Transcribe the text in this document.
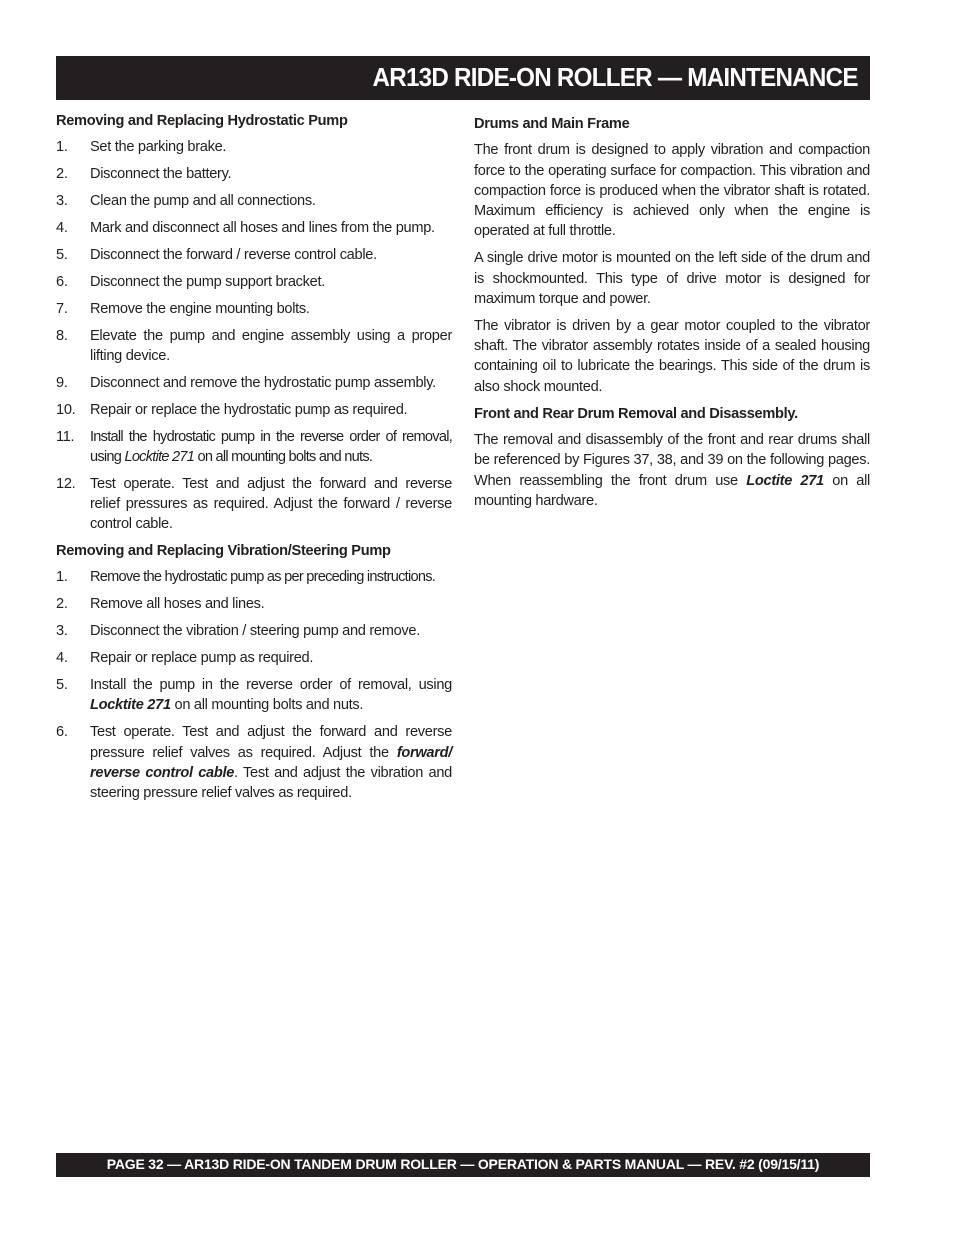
AR13D RIDE-ON ROLLER — MAINTENANCE
Removing and Replacing Hydrostatic Pump
1.	Set the parking brake.
2.	Disconnect the battery.
3.	Clean the pump and all connections.
4.	Mark and disconnect all hoses and lines from the pump.
5.	Disconnect the forward / reverse control cable.
6.	Disconnect the pump support bracket.
7.	Remove the engine mounting bolts.
8.	Elevate the pump and engine assembly using a proper lifting device.
9.	Disconnect and remove the hydrostatic pump assembly.
10.	Repair or replace the hydrostatic pump as required.
11.	Install the hydrostatic pump in the reverse order of removal, using Locktite 271 on all mounting bolts and nuts.
12.	Test operate. Test and adjust the forward and reverse relief pressures as required. Adjust the forward / reverse control cable.
Removing and Replacing Vibration/Steering Pump
1.	Remove the hydrostatic pump as per preceding instructions.
2.	Remove all hoses and lines.
3.	Disconnect the vibration / steering pump and remove.
4.	Repair or replace pump as required.
5.	Install the pump in the reverse order of removal, using Locktite 271 on all mounting bolts and nuts.
6.	Test operate. Test and adjust the forward and reverse pressure relief valves as required. Adjust the forward/ reverse control cable. Test and adjust the vibration and steering pressure relief valves as required.
Drums and Main Frame

The front drum is designed to apply vibration and compaction force to the operating surface for compaction. This vibration and compaction force is produced when the vibrator shaft is rotated. Maximum efficiency is achieved only when the engine is operated at full throttle.

A single drive motor is mounted on the left side of the drum and is shockmounted. This type of drive motor is designed for maximum torque and power.

The vibrator is driven by a gear motor coupled to the vibrator shaft. The vibrator assembly rotates inside of a sealed housing containing oil to lubricate the bearings. This side of the drum is also shock mounted.

Front and Rear Drum Removal and Disassembly.

The removal and disassembly of the front and rear drums shall be referenced by Figures 37, 38, and 39 on the following pages. When reassembling the front drum use Loctite 271 on all mounting hardware.

PAGE 32 — AR13D RIDE-ON TANDEM DRUM ROLLER — OPERATION & PARTS MANUAL — REV. #2 (09/15/11)
